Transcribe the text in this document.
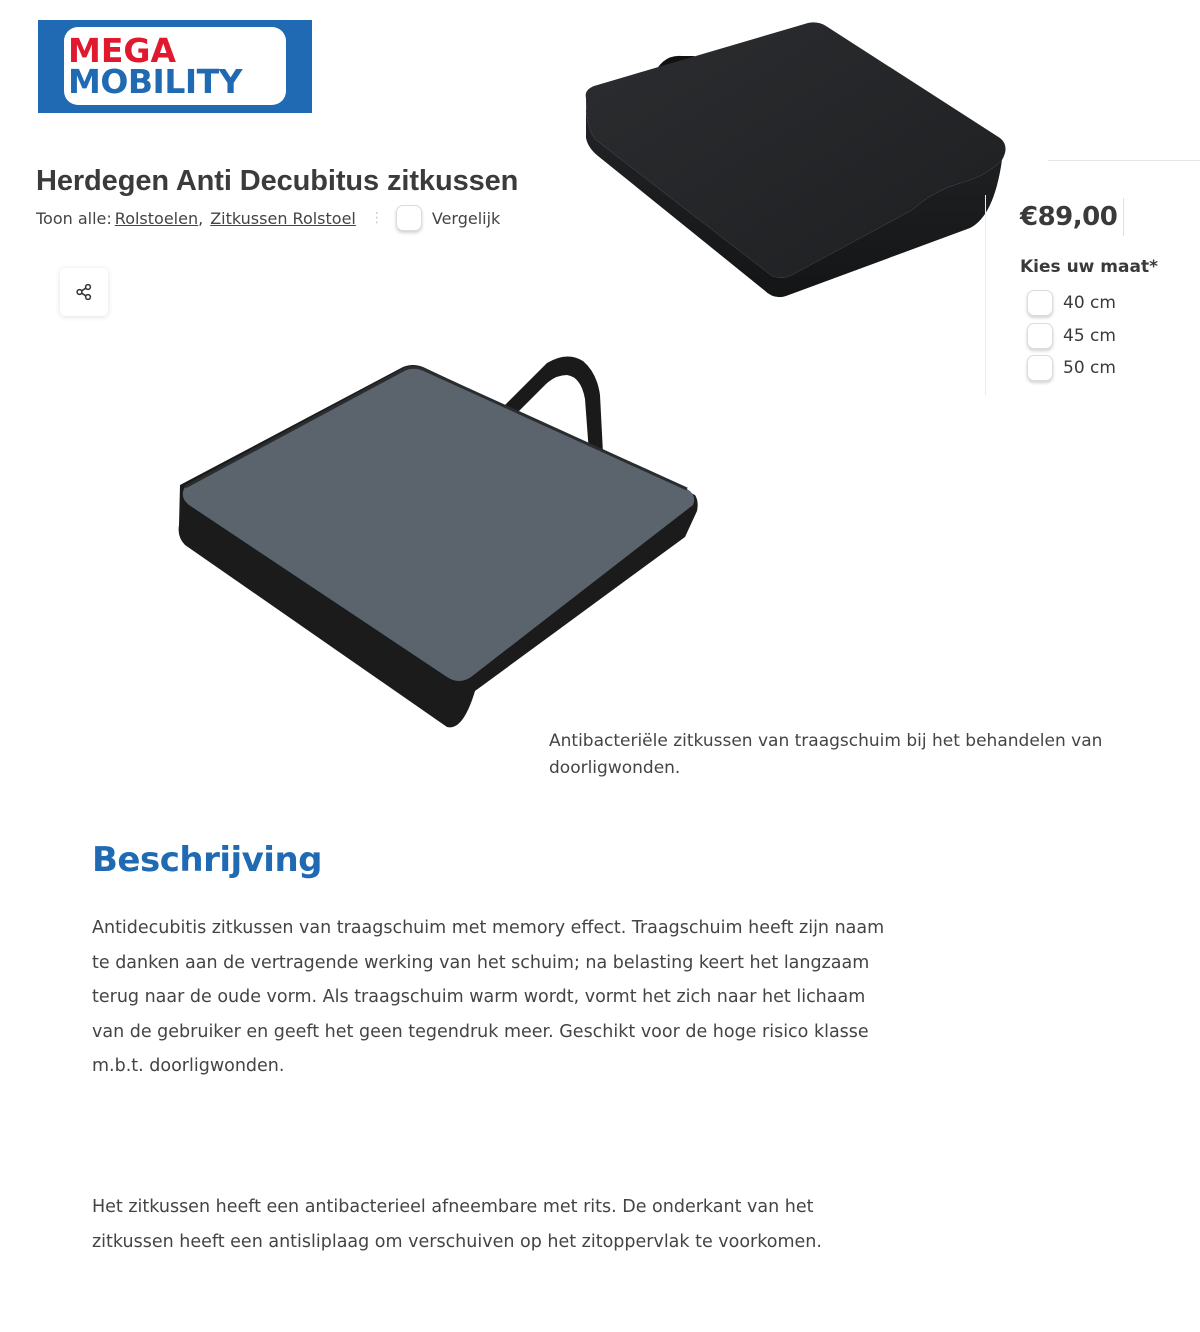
MEGA
MOBILITY
Herdegen Anti Decubitus zitkussen
Toon alle: Rolstoelen , Zitkussen Rolstoel ⋮	Vergelijk	€89,00
Kies uw maat*
40 cm
45 cm
50 cm

Antibacteriële zitkussen van traagschuim bij het behandelen van doorligwonden.

Beschrijving

Antidecubitis zitkussen van traagschuim met memory effect. Traagschuim heeft zijn naam te danken aan de vertragende werking van het schuim; na belasting keert het langzaam terug naar de oude vorm. Als traagschuim warm wordt, vormt het zich naar het lichaam van de gebruiker en geeft het geen tegendruk meer. Geschikt voor de hoge risico klasse m.b.t. doorligwonden.

Het zitkussen heeft een antibacterieel afneembare met rits. De onderkant van het zitkussen heeft een antisliplaag om verschuiven op het zitoppervlak te voorkomen.
